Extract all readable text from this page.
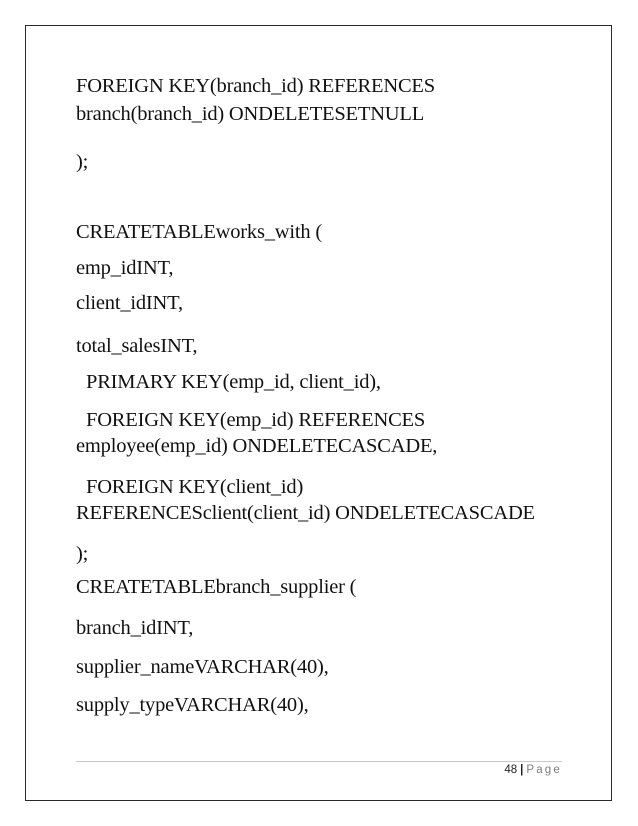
FOREIGN KEY(branch_id) REFERENCES
branch(branch_id) ONDELETESETNULL
);
CREATETABLEworks_with (
emp_idINT,
client_idINT,
total_salesINT,
PRIMARY KEY(emp_id, client_id),
FOREIGN KEY(emp_id) REFERENCES
employee(emp_id) ONDELETECASCADE,
FOREIGN KEY(client_id)
REFERENCESclient(client_id) ONDELETECASCADE
);
CREATETABLEbranch_supplier (
branch_idINT,
supplier_nameVARCHAR(40),
supply_typeVARCHAR(40),
48 | Page
